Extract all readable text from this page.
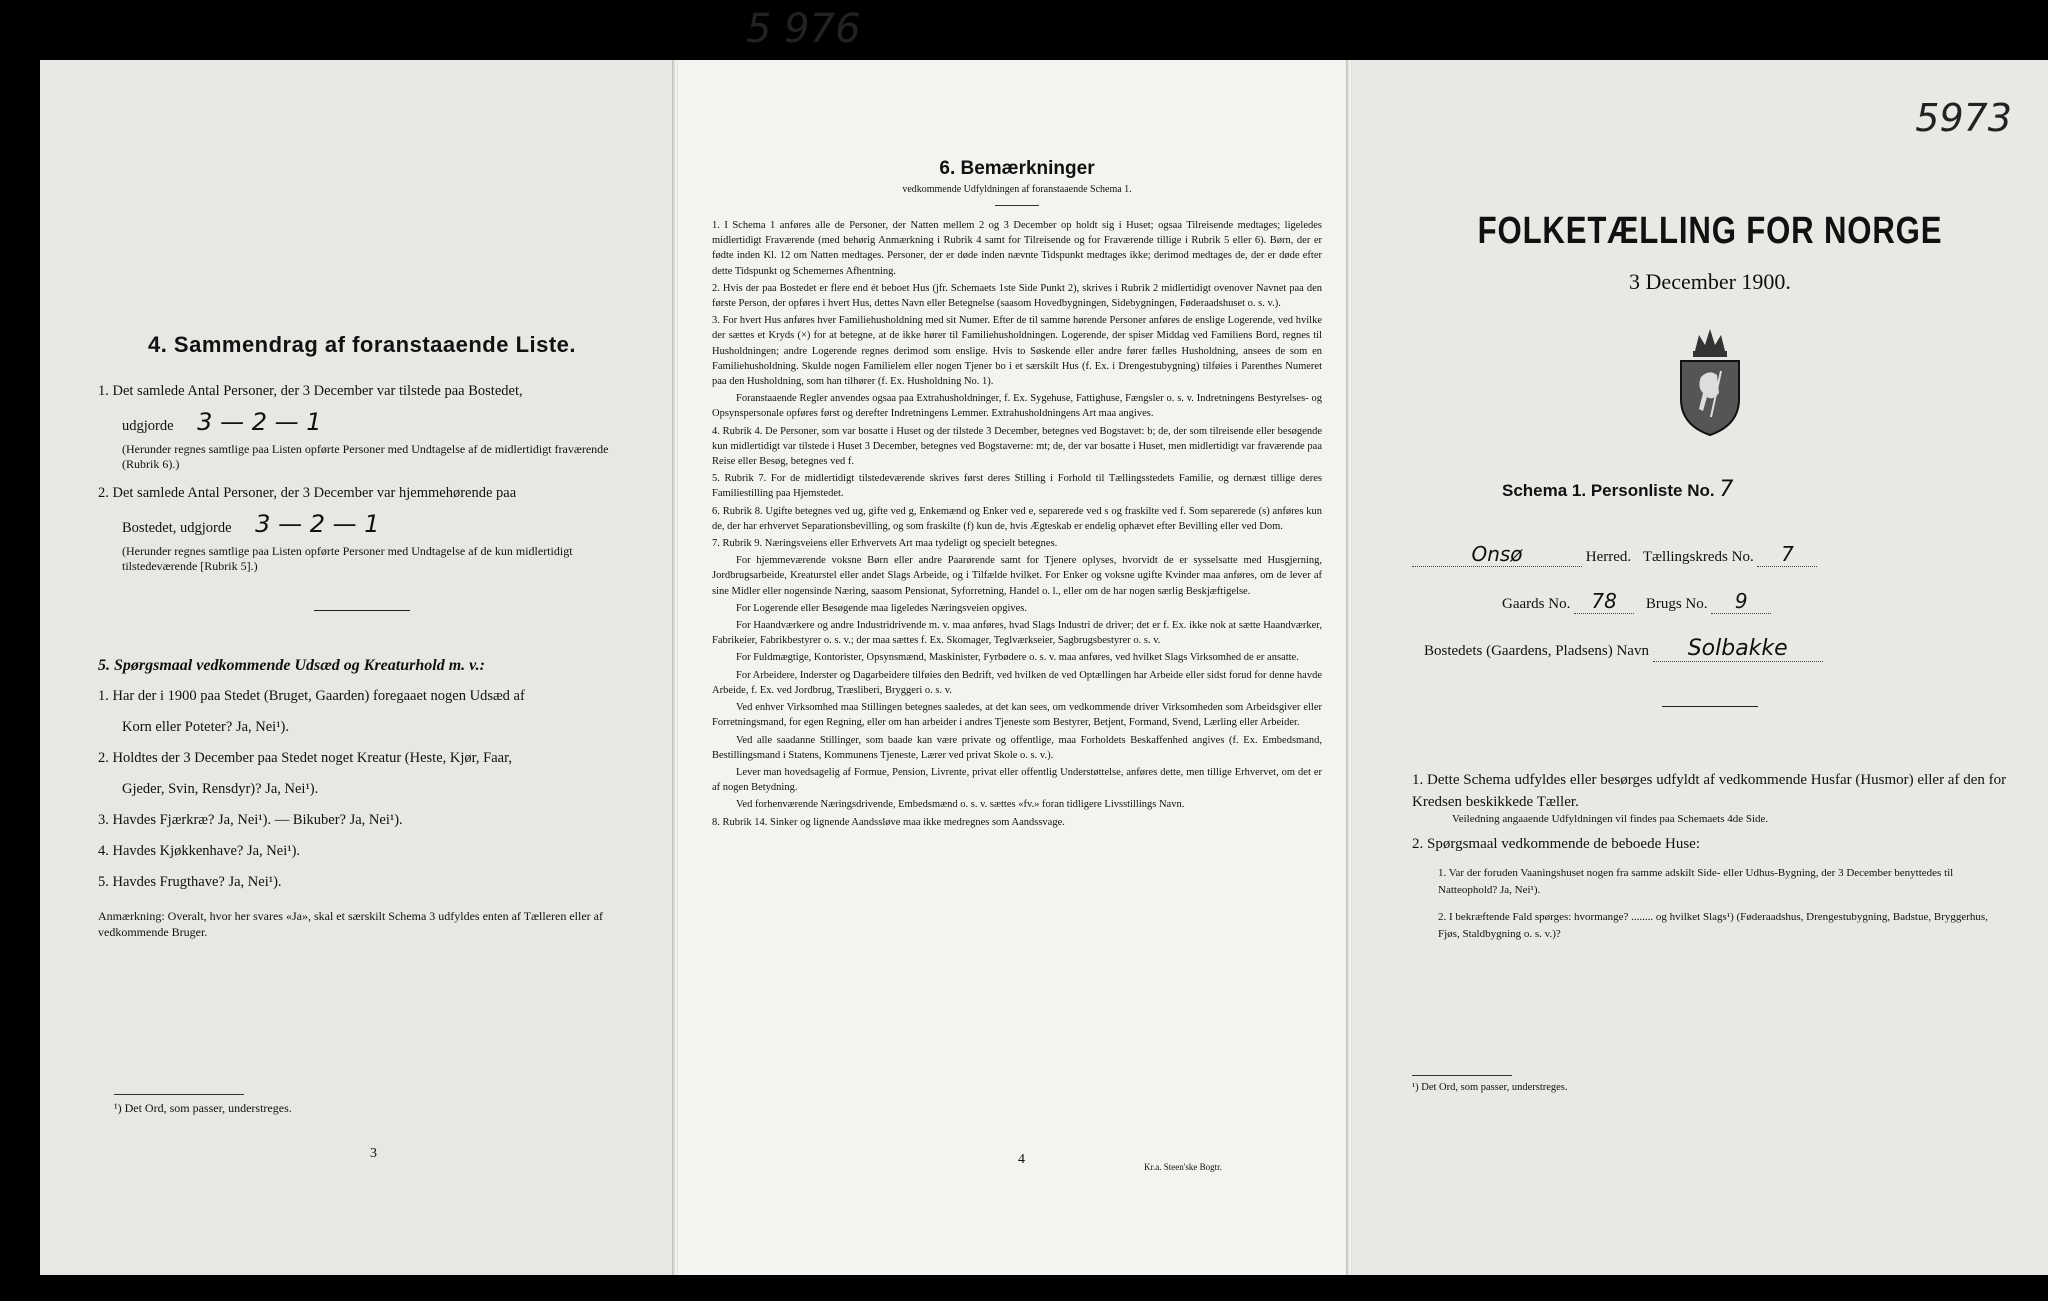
5 976
4. Sammendrag af foranstaaende Liste.
1. Det samlede Antal Personer, der 3 December var tilstede paa Bostedet,
udgjorde 3 — 2 — 1
(Herunder regnes samtlige paa Listen opførte Personer med Undtagelse af de midlertidigt fraværende (Rubrik 6).)
2. Det samlede Antal Personer, der 3 December var hjemmehørende paa
Bostedet, udgjorde 3 — 2 — 1
(Herunder regnes samtlige paa Listen opførte Personer med Undtagelse af de kun midlertidigt tilstedeværende [Rubrik 5].)
5. Spørgsmaal vedkommende Udsæd og Kreaturhold m. v.:
1. Har der i 1900 paa Stedet (Bruget, Gaarden) foregaaet nogen Udsæd af
Korn eller Poteter? Ja, Nei¹).
2. Holdtes der 3 December paa Stedet noget Kreatur (Heste, Kjør, Faar,
Gjeder, Svin, Rensdyr)? Ja, Nei¹).
3. Havdes Fjærkræ? Ja, Nei¹). — Bikuber? Ja, Nei¹).
4. Havdes Kjøkkenhave? Ja, Nei¹).
5. Havdes Frugthave? Ja, Nei¹).
Anmærkning: Overalt, hvor her svares «Ja», skal et særskilt Schema 3 udfyldes enten af Tælleren eller af vedkommende Bruger.
¹) Det Ord, som passer, understreges.
3
6. Bemærkninger
vedkommende Udfyldningen af foranstaaende Schema 1.
1. I Schema 1 anføres alle de Personer, der Natten mellem 2 og 3 December op holdt sig i Huset; ogsaa Tilreisende medtages; ligeledes midlertidigt Fraværende (med behørig Anmærkning i Rubrik 4 samt for Tilreisende og for Fraværende tillige i Rubrik 5 eller 6). Børn, der er fødte inden Kl. 12 om Natten medtages. Personer, der er døde inden nævnte Tidspunkt medtages ikke; derimod medtages de, der er døde efter dette Tidspunkt og Schemernes Afhentning.
2. Hvis der paa Bostedet er flere end ét beboet Hus (jfr. Schemaets 1ste Side Punkt 2), skrives i Rubrik 2 midlertidigt ovenover Navnet paa den første Person, der opføres i hvert Hus, dettes Navn eller Betegnelse (saasom Hovedbygningen, Sidebygningen, Føderaadshuset o. s. v.).
3. For hvert Hus anføres hver Familiehusholdning med sit Numer. Efter de til samme hørende Personer anføres de enslige Logerende, ved hvilke der sættes et Kryds (×) for at betegne, at de ikke hører til Familiehusholdningen. Logerende, der spiser Middag ved Familiens Bord, regnes til Husholdningen; andre Logerende regnes derimod som enslige. Hvis to Søskende eller andre fører fælles Husholdning, ansees de som en Familiehusholdning. Skulde nogen Familielem eller nogen Tjener bo i et særskilt Hus (f. Ex. i Drengestubygning) tilføies i Parenthes Numeret paa den Husholdning, som han tilhører (f. Ex. Husholdning No. 1).
Foranstaaende Regler anvendes ogsaa paa Extrahusholdninger, f. Ex. Sygehuse, Fattighuse, Fængsler o. s. v. Indretningens Bestyrelses- og Opsynspersonale opføres først og derefter Indretningens Lemmer. Extrahusholdningens Art maa angives.
4. Rubrik 4. De Personer, som var bosatte i Huset og der tilstede 3 December, betegnes ved Bogstavet: b; de, der som tilreisende eller besøgende kun midlertidigt var tilstede i Huset 3 December, betegnes ved Bogstaverne: mt; de, der var bosatte i Huset, men midlertidigt var fraværende paa Reise eller Besøg, betegnes ved f.
5. Rubrik 7. For de midlertidigt tilstedeværende skrives først deres Stilling i Forhold til Tællingsstedets Familie, og dernæst tillige deres Familiestilling paa Hjemstedet.
6. Rubrik 8. Ugifte betegnes ved ug, gifte ved g, Enkemænd og Enker ved e, separerede ved s og fraskilte ved f. Som separerede (s) anføres kun de, der har erhvervet Separationsbevilling, og som fraskilte (f) kun de, hvis Ægteskab er endelig ophævet efter Bevilling eller ved Dom.
7. Rubrik 9. Næringsveiens eller Erhvervets Art maa tydeligt og specielt betegnes.
For hjemmeværende voksne Børn eller andre Paarørende samt for Tjenere oplyses, hvorvidt de er sysselsatte med Husgjerning, Jordbrugsarbeide, Kreaturstel eller andet Slags Arbeide, og i Tilfælde hvilket. For Enker og voksne ugifte Kvinder maa anføres, om de lever af sine Midler eller nogensinde Næring, saasom Pensionat, Syforretning, Handel o. l., eller om de har nogen særlig Beskjæftigelse.
For Logerende eller Besøgende maa ligeledes Næringsveien opgives.
For Haandværkere og andre Industridrivende m. v. maa anføres, hvad Slags Industri de driver; det er f. Ex. ikke nok at sætte Haandværker, Fabrikeier, Fabrikbestyrer o. s. v.; der maa sættes f. Ex. Skomager, Teglværkseier, Sagbrugsbestyrer o. s. v.
For Fuldmægtige, Kontorister, Opsynsmænd, Maskinister, Fyrbødere o. s. v. maa anføres, ved hvilket Slags Virksomhed de er ansatte.
For Arbeidere, Inderster og Dagarbeidere tilføies den Bedrift, ved hvilken de ved Optællingen har Arbeide eller sidst forud for denne havde Arbeide, f. Ex. ved Jordbrug, Træsliberi, Bryggeri o. s. v.
Ved enhver Virksomhed maa Stillingen betegnes saaledes, at det kan sees, om vedkommende driver Virksomheden som Arbeidsgiver eller Forretningsmand, for egen Regning, eller om han arbeider i andres Tjeneste som Bestyrer, Betjent, Formand, Svend, Lærling eller Arbeider.
Ved alle saadanne Stillinger, som baade kan være private og offentlige, maa Forholdets Beskaffenhed angives (f. Ex. Embedsmand, Bestillingsmand i Statens, Kommunens Tjeneste, Lærer ved privat Skole o. s. v.).
Lever man hovedsagelig af Formue, Pension, Livrente, privat eller offentlig Understøttelse, anføres dette, men tillige Erhvervet, om det er af nogen Betydning.
Ved forhenværende Næringsdrivende, Embedsmænd o. s. v. sættes «fv.» foran tidligere Livsstillings Navn.
8. Rubrik 14. Sinker og lignende Aandssløve maa ikke medregnes som Aandssvage.
4	Kr.a. Steen'ske Bogtr.
5973
FOLKETÆLLING FOR NORGE
3 December 1900.
Schema 1. Personliste No. 7
Onsø	Herred. Tællingskreds No. 7
Gaards No. 78 Brugs No. 9
Bostedets (Gaardens, Pladsens) Navn Solbakke
1. Dette Schema udfyldes eller besørges udfyldt af vedkommende Husfar (Husmor) eller af den for Kredsen beskikkede Tæller.
Veiledning angaaende Udfyldningen vil findes paa Schemaets 4de Side.
2. Spørgsmaal vedkommende de beboede Huse:
1. Var der foruden Vaaningshuset nogen fra samme adskilt Side- eller Udhus-Bygning, der 3 December benyttedes til Natteophold? Ja, Nei¹).
2. I bekræftende Fald spørges: hvormange? ........ og hvilket Slags¹) (Føderaadshus, Drengestubygning, Badstue, Bryggerhus, Fjøs, Staldbygning o. s. v.)?
¹) Det Ord, som passer, understreges.
